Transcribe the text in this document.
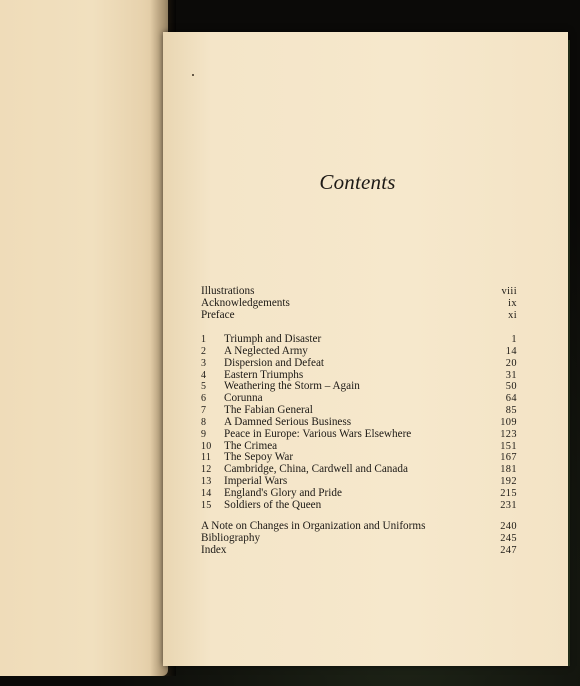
Contents
Illustrations	viii
Acknowledgements	ix
Preface	xi
1	Triumph and Disaster	1
2	A Neglected Army	14
3	Dispersion and Defeat	20
4	Eastern Triumphs	31
5	Weathering the Storm – Again	50
6	Corunna	64
7	The Fabian General	85
8	A Damned Serious Business	109
9	Peace in Europe: Various Wars Elsewhere	123
10	The Crimea	151
11	The Sepoy War	167
12	Cambridge, China, Cardwell and Canada	181
13	Imperial Wars	192
14	England's Glory and Pride	215
15	Soldiers of the Queen	231
A Note on Changes in Organization and Uniforms	240
Bibliography	245
Index	247
